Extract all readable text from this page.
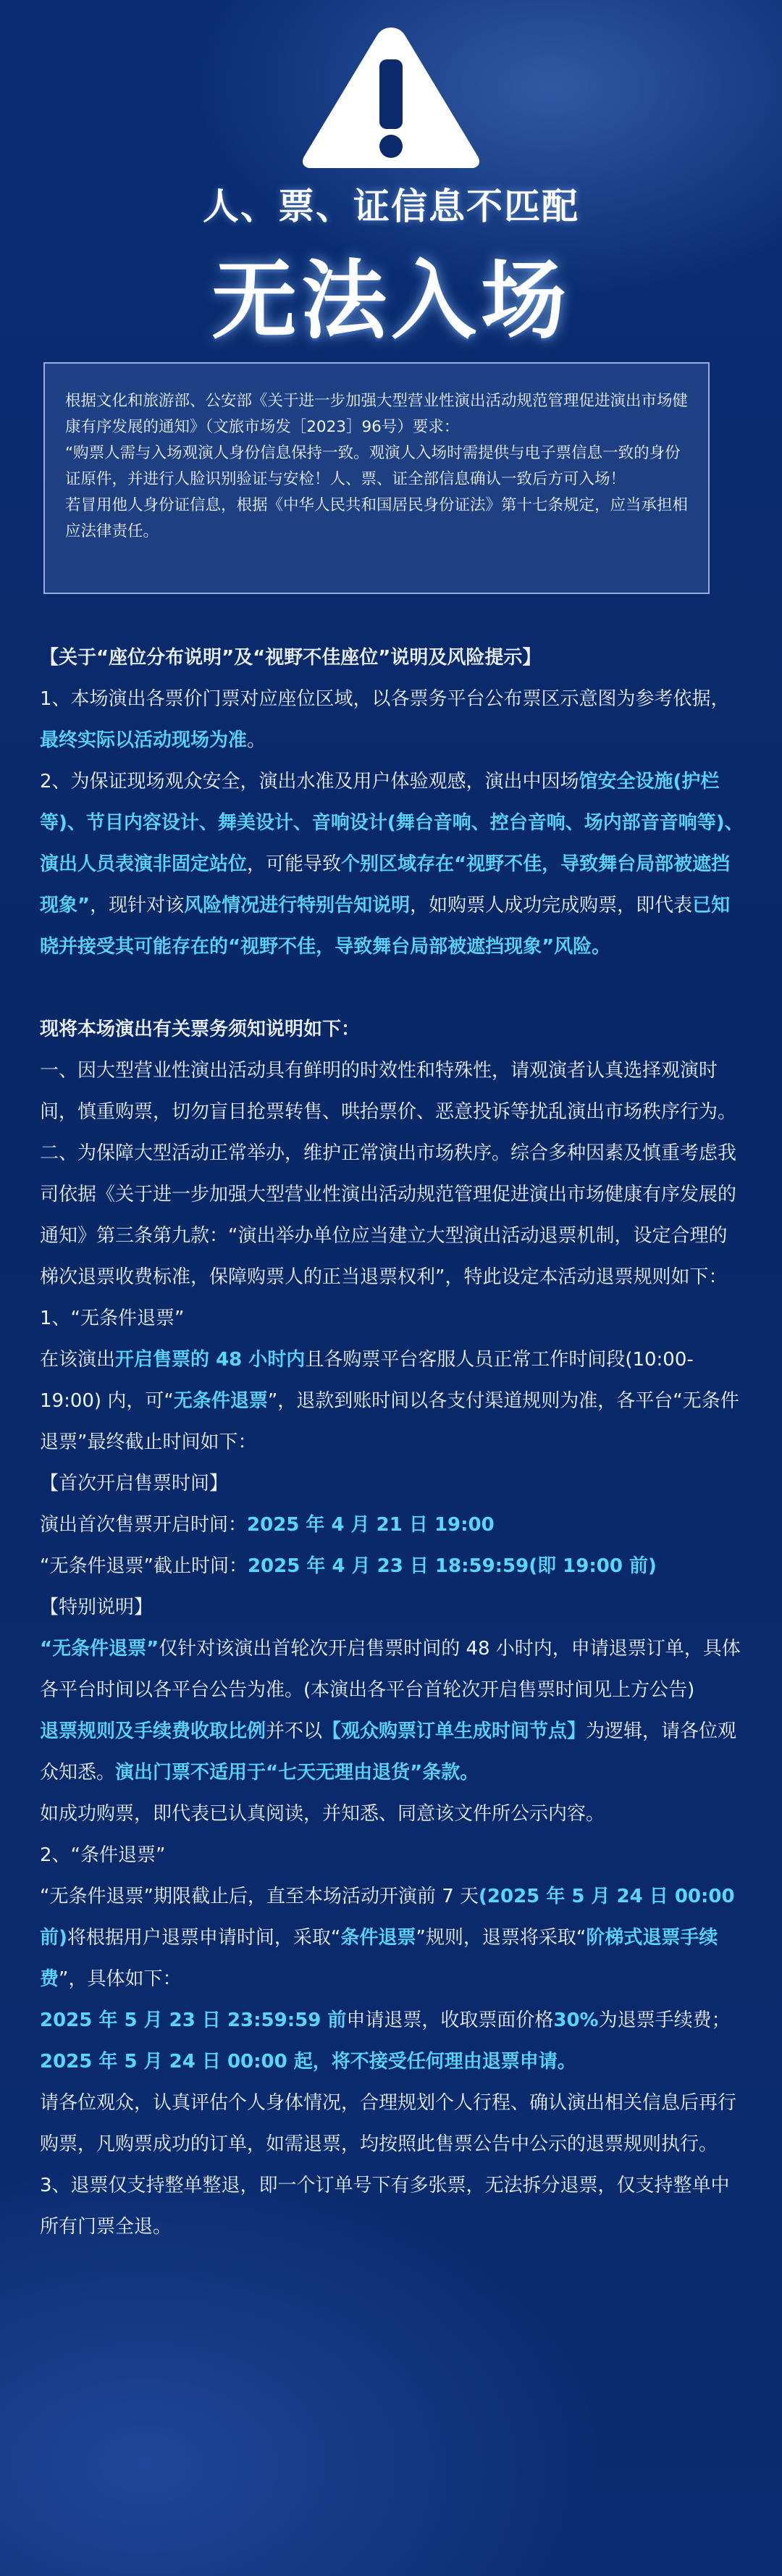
人、票、证信息不匹配
无法入场

根据文化和旅游部、公安部《关于进一步加强大型营业性演出活动规范管理促进演出市场健康有序发展的通知》（文旅市场发［2023］96号）要求：

“购票人需与入场观演人身份信息保持一致。观演人入场时需提供与电子票信息一致的身份证原件，并进行人脸识别验证与安检！人、票、证全部信息确认一致后方可入场！

若冒用他人身份证信息，根据《中华人民共和国居民身份证法》第十七条规定，应当承担相应法律责任。

【关于“座位分布说明”及“视野不佳座位”说明及风险提示】

1、本场演出各票价门票对应座位区域，以各票务平台公布票区示意图为参考依据，最终实际以活动现场为准。

2、为保证现场观众安全，演出水准及用户体验观感，演出中因场馆安全设施(护栏等)、节目内容设计、舞美设计、音响设计(舞台音响、控台音响、场内部音音响等)、演出人员表演非固定站位，可能导致个别区域存在“视野不佳，导致舞台局部被遮挡现象”，现针对该风险情况进行特别告知说明，如购票人成功完成购票，即代表已知晓并接受其可能存在的“视野不佳，导致舞台局部被遮挡现象”风险。

现将本场演出有关票务须知说明如下：

一、因大型营业性演出活动具有鲜明的时效性和特殊性，请观演者认真选择观演时间，慎重购票，切勿盲目抢票转售、哄抬票价、恶意投诉等扰乱演出市场秩序行为。

二、为保障大型活动正常举办，维护正常演出市场秩序。综合多种因素及慎重考虑我司依据《关于进一步加强大型营业性演出活动规范管理促进演出市场健康有序发展的通知》第三条第九款：“演出举办单位应当建立大型演出活动退票机制，设定合理的梯次退票收费标准，保障购票人的正当退票权利”，特此设定本活动退票规则如下：

1、“无条件退票”

在该演出开启售票的 48 小时内且各购票平台客服人员正常工作时间段(10:00-19:00) 内，可“无条件退票”，退款到账时间以各支付渠道规则为准，各平台“无条件退票”最终截止时间如下：

【首次开启售票时间】

演出首次售票开启时间：2025 年 4 月 21 日 19:00

“无条件退票”截止时间：2025 年 4 月 23 日 18:59:59(即 19:00 前)

【特别说明】

“无条件退票”仅针对该演出首轮次开启售票时间的 48 小时内，申请退票订单，具体各平台时间以各平台公告为准。(本演出各平台首轮次开启售票时间见上方公告)

退票规则及手续费收取比例并不以【观众购票订单生成时间节点】为逻辑，请各位观众知悉。演出门票不适用于“七天无理由退货”条款。

如成功购票，即代表已认真阅读，并知悉、同意该文件所公示内容。

2、“条件退票”

“无条件退票”期限截止后，直至本场活动开演前 7 天(2025 年 5 月 24 日 00:00 前)将根据用户退票申请时间，采取“条件退票”规则，退票将采取“阶梯式退票手续费”，具体如下：

2025 年 5 月 23 日 23:59:59 前申请退票，收取票面价格30%为退票手续费；

2025 年 5 月 24 日 00:00 起，将不接受任何理由退票申请。

请各位观众，认真评估个人身体情况，合理规划个人行程、确认演出相关信息后再行购票，凡购票成功的订单，如需退票，均按照此售票公告中公示的退票规则执行。

3、退票仅支持整单整退，即一个订单号下有多张票，无法拆分退票，仅支持整单中所有门票全退。
